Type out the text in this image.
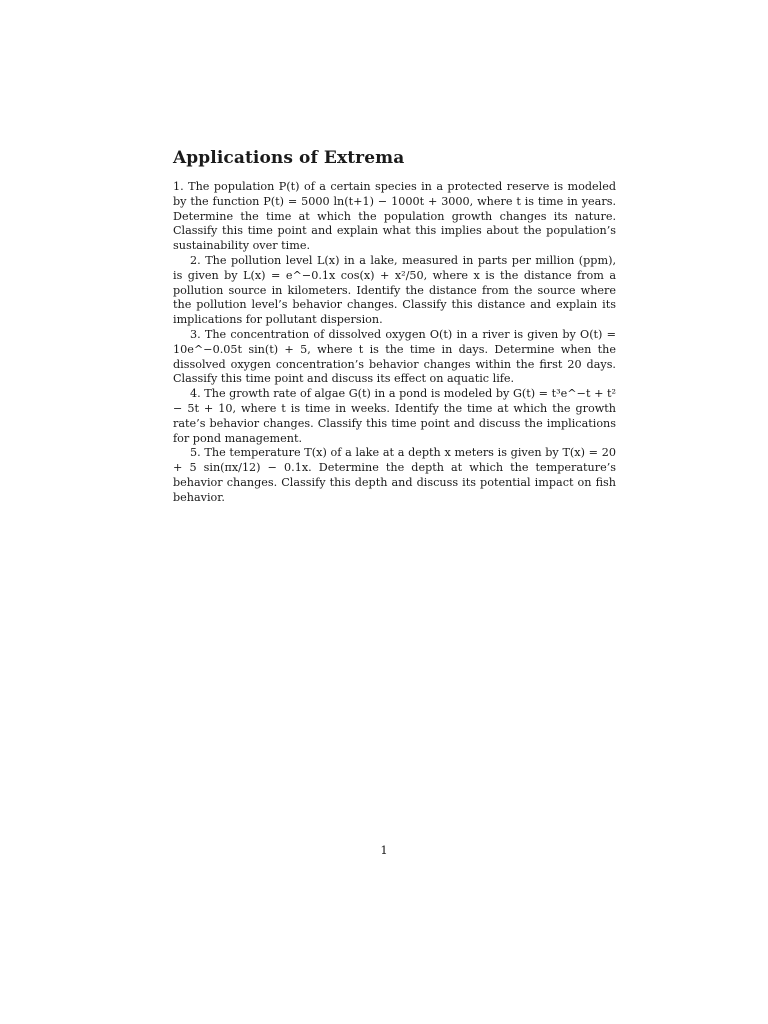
Applications of Extrema

1. The population P(t) of a certain species in a protected reserve is modeled by the function P(t) = 5000 ln(t+1) − 1000t + 3000, where t is time in years. Determine the time at which the population growth changes its nature. Classify this time point and explain what this implies about the population’s sustainability over time.

2. The pollution level L(x) in a lake, measured in parts per million (ppm), is given by L(x) = e^−0.1x cos(x) + x²/50, where x is the distance from a pollution source in kilometers. Identify the distance from the source where the pollution level’s behavior changes. Classify this distance and explain its implications for pollutant dispersion.

3. The concentration of dissolved oxygen O(t) in a river is given by O(t) = 10e^−0.05t sin(t) + 5, where t is the time in days. Determine when the dissolved oxygen concentration’s behavior changes within the first 20 days. Classify this time point and discuss its effect on aquatic life.

4. The growth rate of algae G(t) in a pond is modeled by G(t) = t³e^−t + t² − 5t + 10, where t is time in weeks. Identify the time at which the growth rate’s behavior changes. Classify this time point and discuss the implications for pond management.

5. The temperature T(x) of a lake at a depth x meters is given by T(x) = 20 + 5 sin(πx/12) − 0.1x. Determine the depth at which the temperature’s behavior changes. Classify this depth and discuss its potential impact on fish behavior.

1
